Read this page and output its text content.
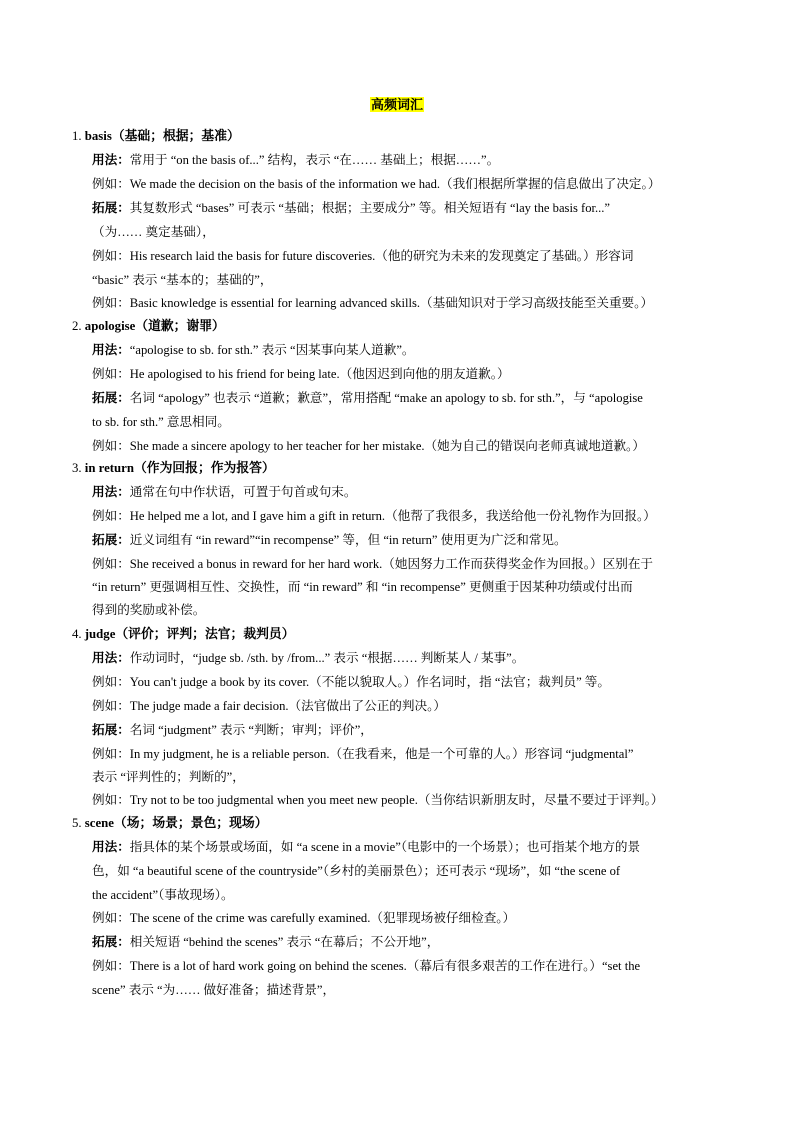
高频词汇
1. basis（基础；根据；基准）
用法：常用于 “on the basis of...” 结构，表示 “在…… 基础上；根据……”。
例如：We made the decision on the basis of the information we had.（我们根据所掌握的信息做出了决定。）
拓展：其复数形式 “bases” 可表示 “基础；根据；主要成分” 等。相关短语有 “lay the basis for...”
（为…… 奠定基础），
例如：His research laid the basis for future discoveries.（他的研究为未来的发现奠定了基础。）形容词
“basic” 表示 “基本的；基础的”，
例如：Basic knowledge is essential for learning advanced skills.（基础知识对于学习高级技能至关重要。）
2. apologise（道歉；谢罪）
用法：“apologise to sb. for sth.” 表示 “因某事向某人道歉”。
例如：He apologised to his friend for being late.（他因迟到向他的朋友道歉。）
拓展：名词 “apology” 也表示 “道歉；歉意”，常用搭配 “make an apology to sb. for sth.”，与 “apologise
to sb. for sth.” 意思相同。
例如：She made a sincere apology to her teacher for her mistake.（她为自己的错误向老师真诚地道歉。）
3. in return（作为回报；作为报答）
用法：通常在句中作状语，可置于句首或句末。
例如：He helped me a lot, and I gave him a gift in return.（他帮了我很多，我送给他一份礼物作为回报。）
拓展：近义词组有 “in reward”“in recompense” 等，但 “in return” 使用更为广泛和常见。
例如：She received a bonus in reward for her hard work.（她因努力工作而获得奖金作为回报。）区别在于
“in return” 更强调相互性、交换性，而 “in reward” 和 “in recompense” 更侧重于因某种功绩或付出而
得到的奖励或补偿。
4. judge（评价；评判；法官；裁判员）
用法：作动词时，“judge sb. /sth. by /from...” 表示 “根据…… 判断某人 / 某事”。
例如：You can't judge a book by its cover.（不能以貌取人。）作名词时，指 “法官；裁判员” 等。
例如：The judge made a fair decision.（法官做出了公正的判决。）
拓展：名词 “judgment” 表示 “判断；审判；评价”，
例如：In my judgment, he is a reliable person.（在我看来，他是一个可靠的人。）形容词 “judgmental”
表示 “评判性的；判断的”，
例如：Try not to be too judgmental when you meet new people.（当你结识新朋友时，尽量不要过于评判。）
5. scene（场；场景；景色；现场）
用法：指具体的某个场景或场面，如 “a scene in a movie”（电影中的一个场景）；也可指某个地方的景
色，如 “a beautiful scene of the countryside”（乡村的美丽景色）；还可表示 “现场”，如 “the scene of
the accident”（事故现场）。
例如：The scene of the crime was carefully examined.（犯罪现场被仔细检查。）
拓展：相关短语 “behind the scenes” 表示 “在幕后；不公开地”，
例如：There is a lot of hard work going on behind the scenes.（幕后有很多艰苦的工作在进行。）“set the
scene” 表示 “为…… 做好准备；描述背景”，
